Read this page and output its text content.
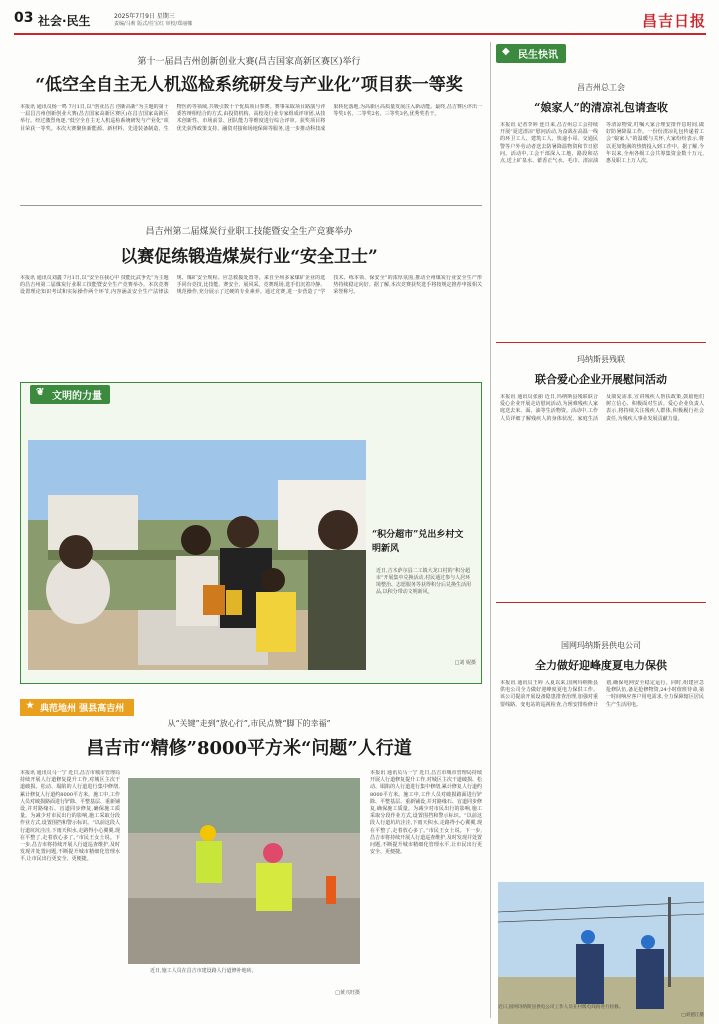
03 社会·民生	2025年7月9日 星期三
责编/马莉 版式/任宝红 审校/郑丽娜	昌吉日报
第十一届昌吉州创新创业大赛(昌吉国家高新区赛区)举行
“低空全自主无人机巡检系统研发与产业化”项目获一等奖
本报讯 通讯员杨一鸣 7月1日,以“创业昌吉 创新高新”为主题的第十一届昌吉州创新创业大赛(昌吉国家高新区赛区)在昌吉国家高新区举行。经过激烈角逐,“低空全自主无人机巡检系统研发与产业化”项目荣获一等奖。本次大赛聚焦新能源、新材料、先进装备制造、生物医药等领域,共吸引数十个优质项目参赛。赛事采取项目路演与评委答辩相结合的方式,由投资机构、高校及行业专家组成评审团,从技术创新性、市场前景、团队能力等维度进行综合评审。获奖项目将优先获得政策支持、融资对接和场地保障等服务,进一步推动科技成果转化落地,为高新区高质量发展注入新动能。最终,昌吉赛区评出一等奖1名、二等奖2名、三等奖3名,优秀奖若干。
昌吉州第二届煤炭行业职工技能暨安全生产竞赛举办
以赛促练锻造煤炭行业“安全卫士”
本报讯 通讯员刘鑫 7月1日,以“安全在我心中 技能比武争先”为主题的昌吉州第二届煤炭行业职工技能暨安全生产竞赛举办。本次竞赛设置理论知识考试和实际操作两个环节,内容涵盖安全生产法律法规、煤矿安全规程、应急救援处置等。来自全州多家煤矿企业的选手同台竞技,比技能、赛安全、展风采。竞赛现场,选手们沉着冷静、规范操作,充分展示了过硬的专业素养。通过竞赛,进一步营造了“学技术、练本领、保安全”的浓厚氛围,推动全州煤炭行业安全生产形势持续稳定向好。据了解,本次竞赛获奖选手将按规定推荐申报相关荣誉称号。
❦ 文明的力量
“积分超市”兑出乡村文明新风
近日,吉木萨尔县二工镇大龙口村的“积分超市”开展集中兑换活动,村民通过参与人居环境整治、志愿服务等获得积分后兑换生活用品,以积分带动文明新风。
□刘 妮摄
★ 典范地州 强县高吉州
从“关键”走到“放心行”,市民点赞“脚下的幸福”
昌吉市“精修”8000平方米“问题”人行道
本报讯 通讯员马一宁 近日,昌吉市城市管理局持续开展人行道修复提升工作,对城区主次干道破损、松动、塌陷的人行道进行集中修缮,累计修复人行道约8000平方米。施工中,工作人员对破损路面进行铲除、平整基层、重新铺设,并对路缘石、盲道同步修复,确保施工质量。为减少对市民出行的影响,施工采取分段作业方式,设置围挡和警示标识。“以前这段人行道坑坑洼洼,下雨天积水,走路得小心翼翼,现在平整了,走着放心多了。”市民王女士说。下一步,昌吉市将持续开展人行道巡查维护,及时发现并处置问题,不断提升城市精细化管理水平,让市民出行更安全、更便捷。
近日,施工人员在昌吉市建设路人行道修补地砖。
□黄兴旺摄
本报讯 通讯员马一宁 近日,昌吉市城市管理局持续开展人行道修复提升工作,对城区主次干道破损、松动、塌陷的人行道进行集中修缮,累计修复人行道约8000平方米。施工中,工作人员对破损路面进行铲除、平整基层、重新铺设,并对路缘石、盲道同步修复,确保施工质量。为减少对市民出行的影响,施工采取分段作业方式,设置围挡和警示标识。“以前这段人行道坑坑洼洼,下雨天积水,走路得小心翼翼,现在平整了,走着放心多了。”市民王女士说。下一步,昌吉市将持续开展人行道巡查维护,及时发现并处置问题,不断提升城市精细化管理水平,让市民出行更安全、更便捷。
◆ 民生快讯
昌吉州总工会
“娘家人”的清凉礼包请查收
本报讯 记者李婷 连日来,昌吉州总工会持续开展“夏送清凉”慰问活动,为奋战在高温一线的环卫工人、建筑工人、快递小哥、交通民警等户外劳动者送去防暑降温物资和节日慰问。活动中,工会干部深入工地、路段和站点,送上矿泉水、藿香正气水、毛巾、清凉油等清凉物资,叮嘱大家合理安排作息时间,做好防暑降温工作。一份份清凉礼包传递着工会“娘家人”的温暖与关怀,大家纷纷表示,将以更加饱满的热情投入到工作中。据了解,今年以来,全州各级工会共筹集资金数十万元,惠及职工上万人次。
玛纳斯县残联
联合爱心企业开展慰问活动
本报讯 通讯员张丽 近日,玛纳斯县残联联合爱心企业开展走访慰问活动,为困难残疾人家庭送去米、面、油等生活物资。活动中,工作人员详细了解残疾人的身体状况、家庭生活及康复需求,宣讲残疾人帮扶政策,鼓励他们树立信心、积极面对生活。爱心企业负责人表示,将持续关注残疾人群体,积极履行社会责任,为残疾人事业发展贡献力量。
国网玛纳斯县供电公司
全力做好迎峰度夏电力保供
本报讯 通讯员王婷 入夏以来,国网玛纳斯县供电公司全力做好迎峰度夏电力保供工作。该公司提前开展设备隐患排查治理,加强对重要线路、变电站的巡视检查,合理安排检修计划,确保电网安全稳定运行。同时,组建应急抢修队伍,备足抢修物资,24小时值班待命,第一时间响应客户用电需求,全力保障辖区居民生产生活用电。
近日,国网玛纳斯县供电公司工作人员在村级电线路进行检修。
□刘德江摄
